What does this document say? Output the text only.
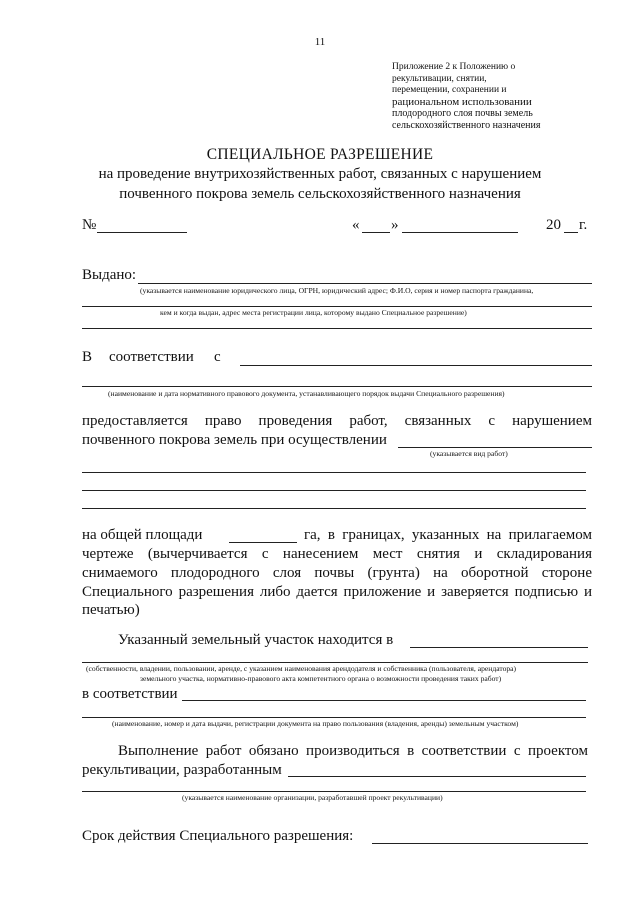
11
Приложение 2 к Положению о
рекультивации, снятии,
перемещении, сохранении и
рациональном использовании
плодородного слоя почвы земель
сельскохозяйственного назначения
СПЕЦИАЛЬНОЕ РАЗРЕШЕНИЕ
на проведение внутрихозяйственных работ, связанных с нарушением
почвенного покрова земель сельскохозяйственного назначения
№	« »	20 г.
Выдано:
(указывается наименование юридического лица, ОГРН, юридический адрес; Ф.И.О, серия и номер паспорта гражданина,
кем и когда выдан, адрес места регистрации лица, которому выдано Специальное разрешение)
В соответствии с
(наименование и дата нормативного правового документа, устанавливающего порядок выдачи Специального разрешения)
предоставляется право проведения работ, связанных с нарушением
почвенного покрова земель при осуществлении
(указывается вид работ)
на общей площади	га, в границах, указанных на прилагаемом
чертеже (вычерчивается с нанесением мест снятия и складирования
снимаемого плодородного слоя почвы (грунта) на оборотной стороне
Специального разрешения либо дается приложение и заверяется подписью и
печатью)
Указанный земельный участок находится в
(собственности, владении, пользовании, аренде, с указанием наименования арендодателя и собственника (пользователя, арендатора)
земельного участка, нормативно-правового акта компетентного органа о возможности проведения таких работ)
в соответствии
(наименование, номер и дата выдачи, регистрации документа на право пользования (владения, аренды) земельным участком)
Выполнение работ обязано производиться в соответствии с проектом
рекультивации, разработанным
(указывается наименование организации, разработавшей проект рекультивации)
Срок действия Специального разрешения:
